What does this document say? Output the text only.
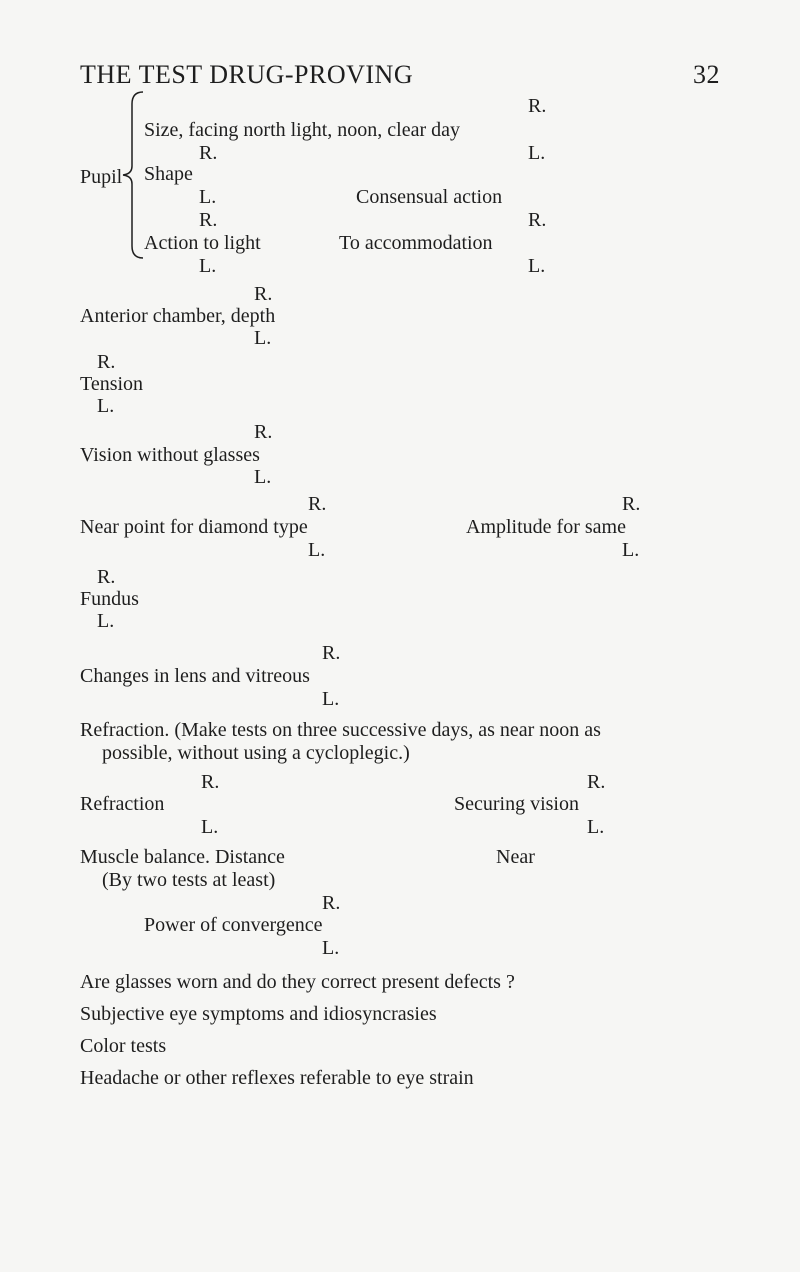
THE TEST DRUG-PROVING	32
Pupil
R.
Size, facing north light, noon, clear day
R.	L.
Shape
L.	Consensual action
R.	R.
Action to light	To accommodation
L.	L.
R.
Anterior chamber, depth
L.
R.
Tension
L.
R.
Vision without glasses
L.
R.	R.
Near point for diamond type	Amplitude for same
L.	L.
R.
Fundus
L.
R.
Changes in lens and vitreous
L.
Refraction. (Make tests on three successive days, as near noon as
possible, without using a cycloplegic.)
R.	R.
Refraction	Securing vision
L.	L.
Muscle balance. Distance	Near
(By two tests at least)
R.
Power of convergence
L.
Are glasses worn and do they correct present defects ?
Subjective eye symptoms and idiosyncrasies
Color tests
Headache or other reflexes referable to eye strain
